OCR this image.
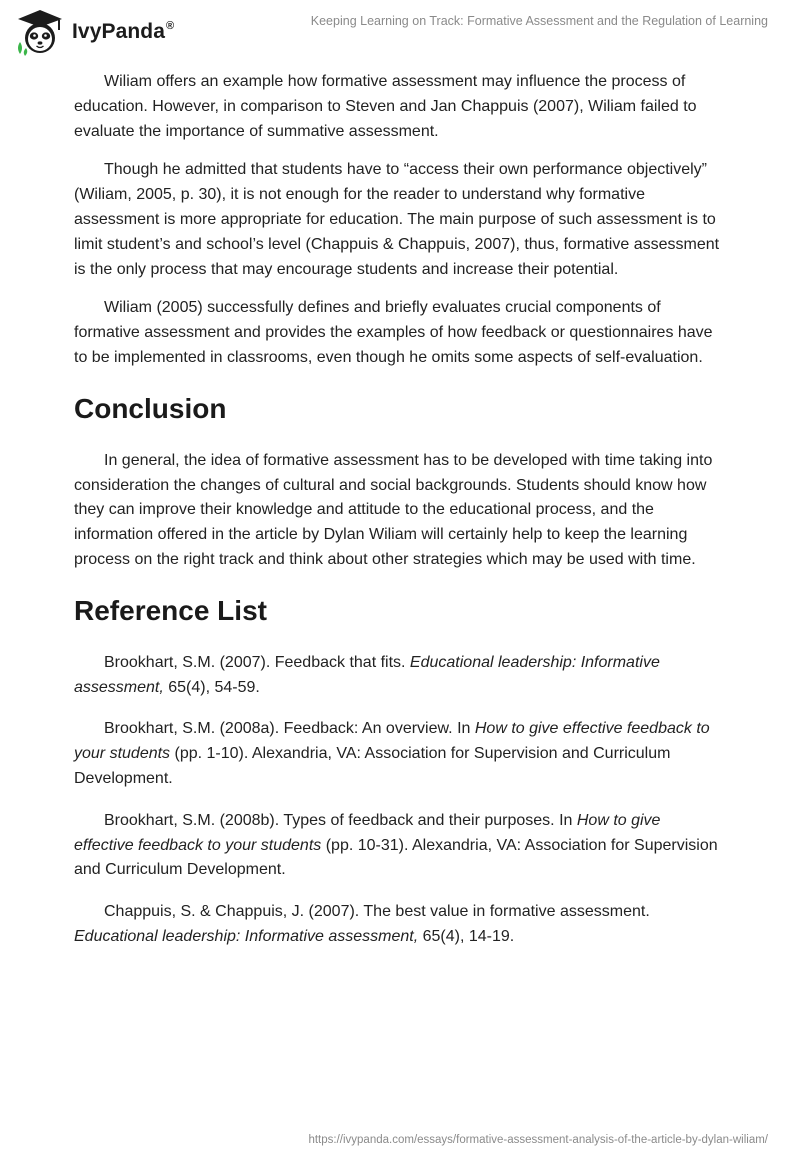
IvyPanda®	Keeping Learning on Track: Formative Assessment and the Regulation of Learning

Wiliam offers an example how formative assessment may influence the process of education. However, in comparison to Steven and Jan Chappuis (2007), Wiliam failed to evaluate the importance of summative assessment.

Though he admitted that students have to “access their own performance objectively” (Wiliam, 2005, p. 30), it is not enough for the reader to understand why formative assessment is more appropriate for education. The main purpose of such assessment is to limit student’s and school’s level (Chappuis & Chappuis, 2007), thus, formative assessment is the only process that may encourage students and increase their potential.

Wiliam (2005) successfully defines and briefly evaluates crucial components of formative assessment and provides the examples of how feedback or questionnaires have to be implemented in classrooms, even though he omits some aspects of self-evaluation.

Conclusion

In general, the idea of formative assessment has to be developed with time taking into consideration the changes of cultural and social backgrounds. Students should know how they can improve their knowledge and attitude to the educational process, and the information offered in the article by Dylan Wiliam will certainly help to keep the learning process on the right track and think about other strategies which may be used with time.

Reference List

Brookhart, S.M. (2007). Feedback that fits. Educational leadership: Informative assessment, 65(4), 54-59.

Brookhart, S.M. (2008a). Feedback: An overview. In How to give effective feedback to your students (pp. 1-10). Alexandria, VA: Association for Supervision and Curriculum Development.

Brookhart, S.M. (2008b). Types of feedback and their purposes. In How to give effective feedback to your students (pp. 10-31). Alexandria, VA: Association for Supervision and Curriculum Development.

Chappuis, S. & Chappuis, J. (2007). The best value in formative assessment. Educational leadership: Informative assessment, 65(4), 14-19.

https://ivypanda.com/essays/formative-assessment-analysis-of-the-article-by-dylan-wiliam/
